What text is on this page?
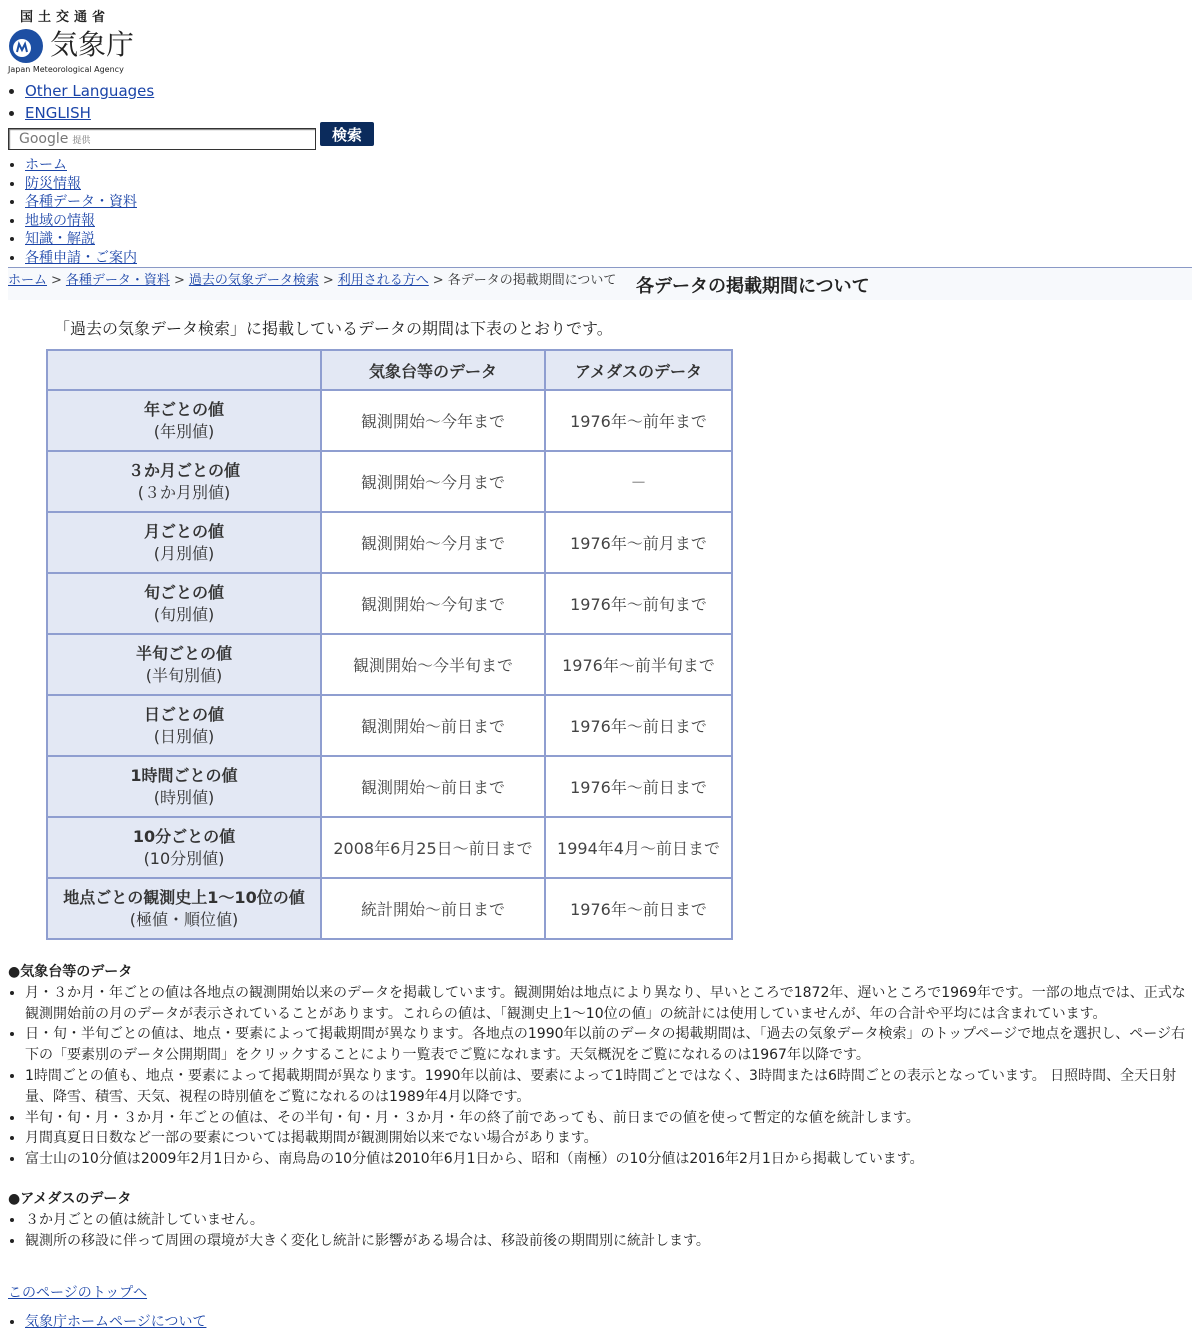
国土交通省
気象庁
Japan Meteorological Agency
• Other Languages
• ENGLISH
Google 提供	検索
• ホーム
• 防災情報
• 各種データ・資料
• 地域の情報
• 知識・解説
• 各種申請・ご案内
ホーム > 各種データ・資料 > 過去の気象データ検索 > 利用される方へ > 各データの掲載期間について 各データの掲載期間について
「過去の気象データ検索」に掲載しているデータの期間は下表のとおりです。
	気象台等のデータ	アメダスのデータ

年ごとの値
(年別値)	観測開始～今年まで	1976年～前年まで

３か月ごとの値
(３か月別値)	観測開始～今月まで	－

月ごとの値
(月別値)	観測開始～今月まで	1976年～前月まで

旬ごとの値
(旬別値)	観測開始～今旬まで	1976年～前旬まで

半旬ごとの値
(半旬別値)	観測開始～今半旬まで	1976年～前半旬まで

日ごとの値
(日別値)	観測開始～前日まで	1976年～前日まで

1時間ごとの値
(時別値)	観測開始～前日まで	1976年～前日まで

10分ごとの値
(10分別値)	2008年6月25日～前日まで	1994年4月～前日まで

地点ごとの観測史上1～10位の値
(極値・順位値)	統計開始～前日まで	1976年～前日まで
●気象台等のデータ
• 月・３か月・年ごとの値は各地点の観測開始以来のデータを掲載しています。観測開始は地点により異なり、早いところで1872年、遅いところで1969年です。一部の地点では、正式な観測開始前の月のデータが表示されていることがあります。これらの値は、「観測史上1～10位の値」の統計には使用していませんが、年の合計や平均には含まれています。
• 日・旬・半旬ごとの値は、地点・要素によって掲載期間が異なります。各地点の1990年以前のデータの掲載期間は、「過去の気象データ検索」のトップページで地点を選択し、ページ右下の「要素別のデータ公開期間」をクリックすることにより一覧表でご覧になれます。天気概況をご覧になれるのは1967年以降です。
• 1時間ごとの値も、地点・要素によって掲載期間が異なります。1990年以前は、要素によって1時間ごとではなく、3時間または6時間ごとの表示となっています。 日照時間、全天日射量、降雪、積雪、天気、視程の時別値をご覧になれるのは1989年4月以降です。
• 半旬・旬・月・３か月・年ごとの値は、その半旬・旬・月・３か月・年の終了前であっても、前日までの値を使って暫定的な値を統計します。
• 月間真夏日日数など一部の要素については掲載期間が観測開始以来でない場合があります。
• 富士山の10分値は2009年2月1日から、南鳥島の10分値は2010年6月1日から、昭和（南極）の10分値は2016年2月1日から掲載しています。
●アメダスのデータ
• ３か月ごとの値は統計していません。
• 観測所の移設に伴って周囲の環境が大きく変化し統計に影響がある場合は、移設前後の期間別に統計します。
このページのトップへ
• 気象庁ホームページについて
